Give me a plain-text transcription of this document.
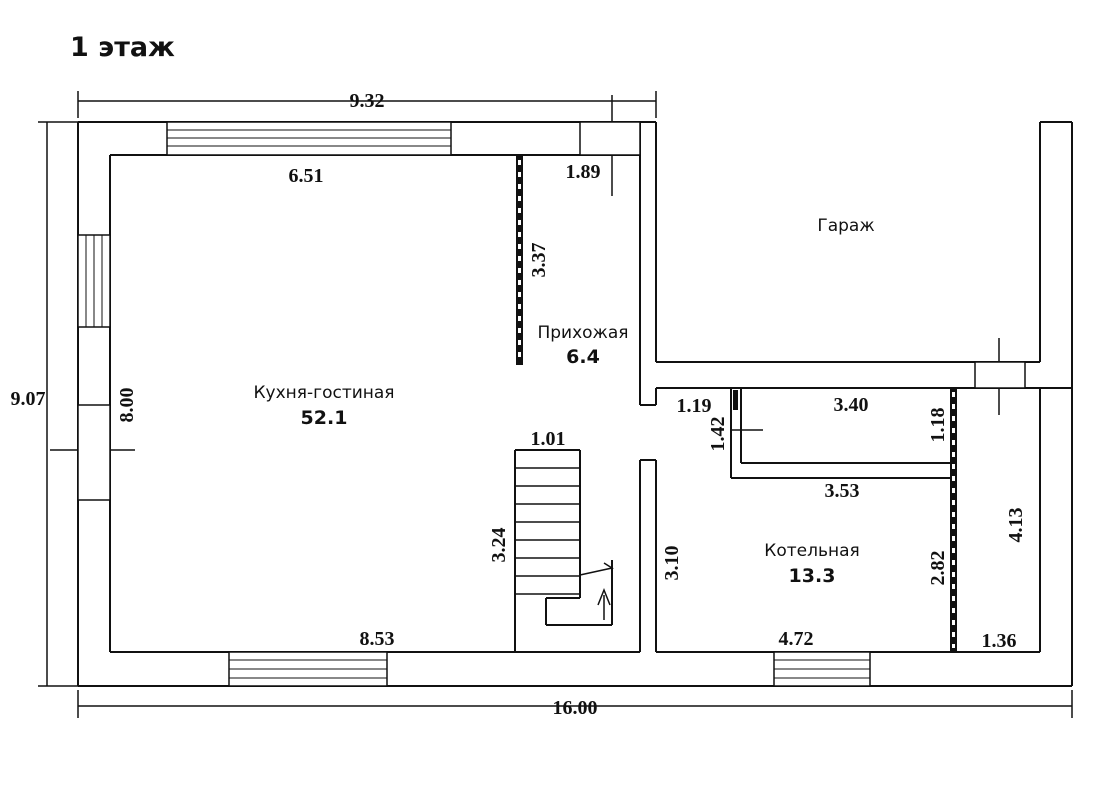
1 этаж
9.32
16.00
9.07
6.51
8.00
8.53
1.89
3.37
1.01
3.24
3.10
1.19
1.42
3.40
1.18
3.53
4.72
2.82
4.13
1.36
Кухня-гостиная
52.1
Прихожая
6.4
Гараж
Котельная
13.3
